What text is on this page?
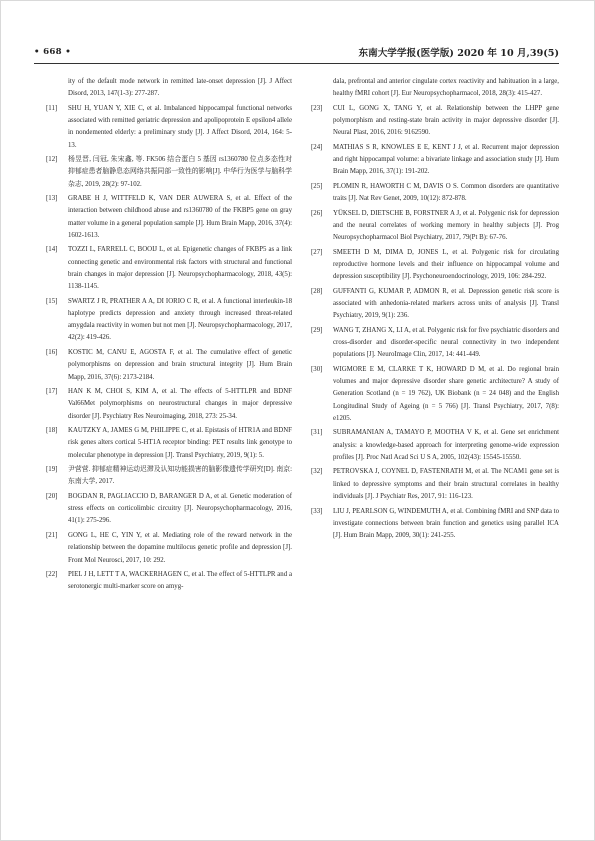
• 668 •	东南大学学报(医学版) 2020 年 10 月,39(5)
ity of the default mode network in remitted late-onset depression [J]. J Affect Disord, 2013, 147(1-3): 277-287.
[11]	SHU H, YUAN Y, XIE C, et al. Imbalanced hippocampal functional networks associated with remitted geriatric depression and apolipoprotein E epsilon4 allele in nondemented elderly: a preliminary study [J]. J Affect Disord, 2014, 164: 5-13.
[12]	杨昱晋, 闫冠, 朱宋鑫, 等. FK506 结合蛋白 5 基因 rs1360780 位点多态性对抑郁症患者脑静息态网络共振同部一致性的影响[J]. 中华行为医学与脑科学杂志, 2019, 28(2): 97-102.
[13]	GRABE H J, WITTFELD K, VAN DER AUWERA S, et al. Effect of the interaction between childhood abuse and rs1360780 of the FKBP5 gene on gray matter volume in a general population sample [J]. Hum Brain Mapp, 2016, 37(4): 1602-1613.
[14]	TOZZI L, FARRELL C, BOOIJ L, et al. Epigenetic changes of FKBP5 as a link connecting genetic and environmental risk factors with structural and functional brain changes in major depression [J]. Neuropsychopharmacology, 2018, 43(5): 1138-1145.
[15]	SWARTZ J R, PRATHER A A, DI IORIO C R, et al. A functional interleukin-18 haplotype predicts depression and anxiety through increased threat-related amygdala reactivity in women but not men [J]. Neuropsychopharmacology, 2017, 42(2): 419-426.
[16]	KOSTIC M, CANU E, AGOSTA F, et al. The cumulative effect of genetic polymorphisms on depression and brain structural integrity [J]. Hum Brain Mapp, 2016, 37(6): 2173-2184.
[17]	HAN K M, CHOI S, KIM A, et al. The effects of 5-HTTLPR and BDNF Val66Met polymorphisms on neurostructural changes in major depressive disorder [J]. Psychiatry Res Neuroimaging, 2018, 273: 25-34.
[18]	KAUTZKY A, JAMES G M, PHILIPPE C, et al. Epistasis of HTR1A and BDNF risk genes alters cortical 5-HT1A receptor binding: PET results link genotype to molecular phenotype in depression [J]. Transl Psychiatry, 2019, 9(1): 5.
[19]	尹营营. 抑郁症精神运动迟滞及认知功能损害的脑影像遗传学研究[D]. 南京: 东南大学, 2017.
[20]	BOGDAN R, PAGLIACCIO D, BARANGER D A, et al. Genetic moderation of stress effects on corticolimbic circuitry [J]. Neuropsychopharmacology, 2016, 41(1): 275-296.
[21]	GONG L, HE C, YIN Y, et al. Mediating role of the reward network in the relationship between the dopamine multilocus genetic profile and depression [J]. Front Mol Neurosci, 2017, 10: 292.
[22]	PIEL J H, LETT T A, WACKERHAGEN C, et al. The effect of 5-HTTLPR and a serotonergic multi-marker score on amyg-
dala, prefrontal and anterior cingulate cortex reactivity and habituation in a large, healthy fMRI cohort [J]. Eur Neuropsychopharmacol, 2018, 28(3): 415-427.
[23]	CUI L, GONG X, TANG Y, et al. Relationship between the LHPP gene polymorphism and resting-state brain activity in major depressive disorder [J]. Neural Plast, 2016, 2016: 9162590.
[24]	MATHIAS S R, KNOWLES E E, KENT J J, et al. Recurrent major depression and right hippocampal volume: a bivariate linkage and association study [J]. Hum Brain Mapp, 2016, 37(1): 191-202.
[25]	PLOMIN R, HAWORTH C M, DAVIS O S. Common disorders are quantitative traits [J]. Nat Rev Genet, 2009, 10(12): 872-878.
[26]	YÜKSEL D, DIETSCHE B, FORSTNER A J, et al. Polygenic risk for depression and the neural correlates of working memory in healthy subjects [J]. Prog Neuropsychopharmacol Biol Psychiatry, 2017, 79(Pt B): 67-76.
[27]	SMEETH D M, DIMA D, JONES L, et al. Polygenic risk for circulating reproductive hormone levels and their influence on hippocampal volume and depression susceptibility [J]. Psychoneuroendocrinology, 2019, 106: 284-292.
[28]	GUFFANTI G, KUMAR P, ADMON R, et al. Depression genetic risk score is associated with anhedonia-related markers across units of analysis [J]. Transl Psychiatry, 2019, 9(1): 236.
[29]	WANG T, ZHANG X, LI A, et al. Polygenic risk for five psychiatric disorders and cross-disorder and disorder-specific neural connectivity in two independent populations [J]. NeuroImage Clin, 2017, 14: 441-449.
[30]	WIGMORE E M, CLARKE T K, HOWARD D M, et al. Do regional brain volumes and major depressive disorder share genetic architecture? A study of Generation Scotland (n = 19 762), UK Biobank (n = 24 048) and the English Longitudinal Study of Ageing (n = 5 766) [J]. Transl Psychiatry, 2017, 7(8): e1205.
[31]	SUBRAMANIAN A, TAMAYO P, MOOTHA V K, et al. Gene set enrichment analysis: a knowledge-based approach for interpreting genome-wide expression profiles [J]. Proc Natl Acad Sci U S A, 2005, 102(43): 15545-15550.
[32]	PETROVSKA J, COYNEL D, FASTENRATH M, et al. The NCAM1 gene set is linked to depressive symptoms and their brain structural correlates in healthy individuals [J]. J Psychiatr Res, 2017, 91: 116-123.
[33]	LIU J, PEARLSON G, WINDEMUTH A, et al. Combining fMRI and SNP data to investigate connections between brain function and genetics using parallel ICA [J]. Hum Brain Mapp, 2009, 30(1): 241-255.
